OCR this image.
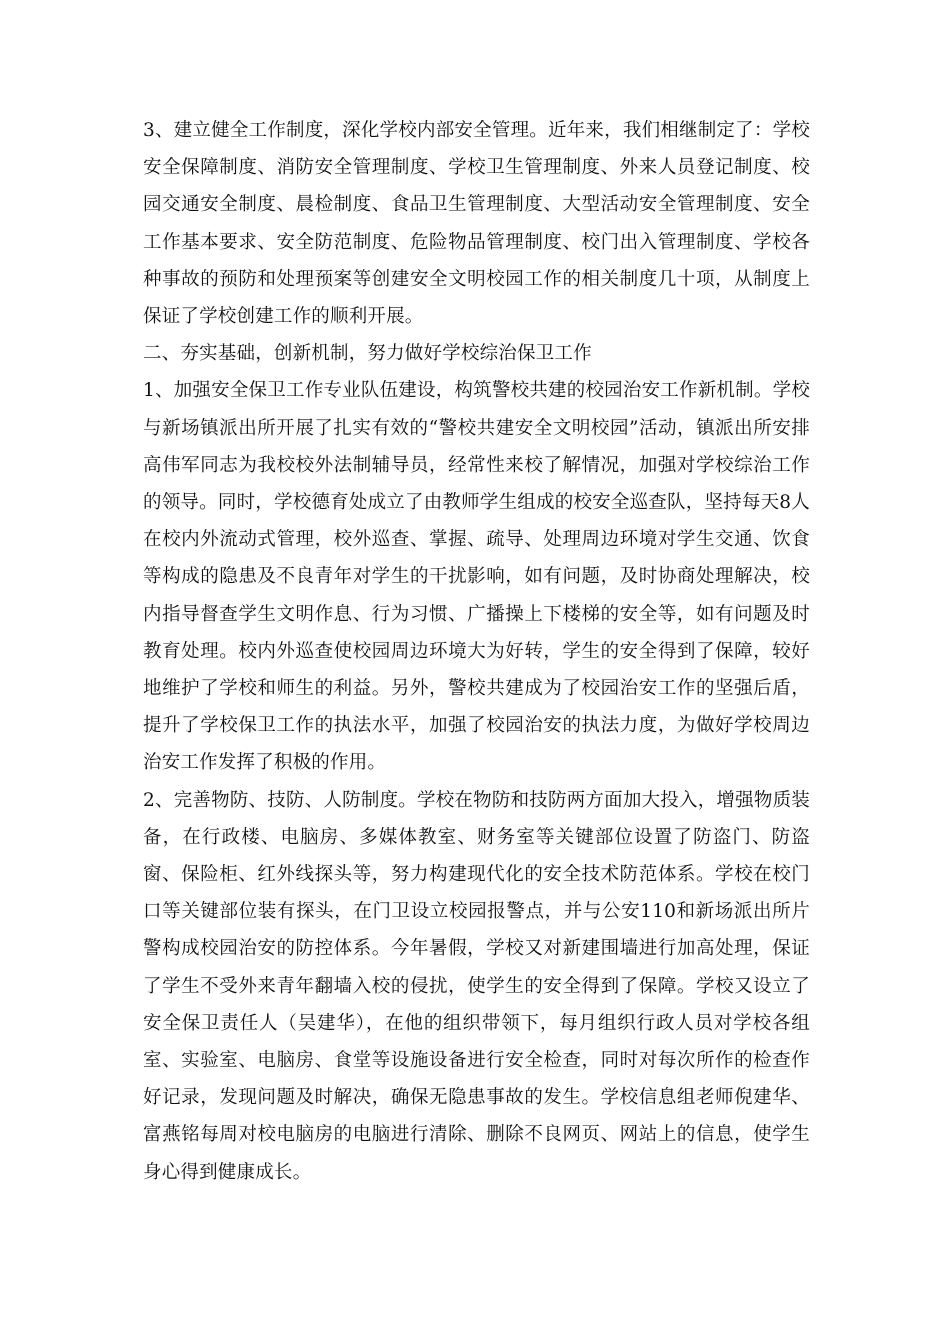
3、建立健全工作制度，深化学校内部安全管理。近年来，我们相继制定了：学校安全保障制度、消防安全管理制度、学校卫生管理制度、外来人员登记制度、校园交通安全制度、晨检制度、食品卫生管理制度、大型活动安全管理制度、安全工作基本要求、安全防范制度、危险物品管理制度、校门出入管理制度、学校各种事故的预防和处理预案等创建安全文明校园工作的相关制度几十项，从制度上保证了学校创建工作的顺利开展。

二、夯实基础，创新机制，努力做好学校综治保卫工作

1、加强安全保卫工作专业队伍建设，构筑警校共建的校园治安工作新机制。学校与新场镇派出所开展了扎实有效的“警校共建安全文明校园”活动，镇派出所安排高伟军同志为我校校外法制辅导员，经常性来校了解情况，加强对学校综治工作的领导。同时，学校德育处成立了由教师学生组成的校安全巡查队，坚持每天8人在校内外流动式管理，校外巡查、掌握、疏导、处理周边环境对学生交通、饮食等构成的隐患及不良青年对学生的干扰影响，如有问题，及时协商处理解决，校内指导督查学生文明作息、行为习惯、广播操上下楼梯的安全等，如有问题及时教育处理。校内外巡查使校园周边环境大为好转，学生的安全得到了保障，较好地维护了学校和师生的利益。另外，警校共建成为了校园治安工作的坚强后盾，提升了学校保卫工作的执法水平，加强了校园治安的执法力度，为做好学校周边治安工作发挥了积极的作用。

2、完善物防、技防、人防制度。学校在物防和技防两方面加大投入，增强物质装备，在行政楼、电脑房、多媒体教室、财务室等关键部位设置了防盗门、防盗窗、保险柜、红外线探头等，努力构建现代化的安全技术防范体系。学校在校门口等关键部位装有探头，在门卫设立校园报警点，并与公安110和新场派出所片警构成校园治安的防控体系。今年暑假，学校又对新建围墙进行加高处理，保证了学生不受外来青年翻墙入校的侵扰，使学生的安全得到了保障。学校又设立了安全保卫责任人（吴建华），在他的组织带领下，每月组织行政人员对学校各组室、实验室、电脑房、食堂等设施设备进行安全检查，同时对每次所作的检查作好记录，发现问题及时解决，确保无隐患事故的发生。学校信息组老师倪建华、富燕铭每周对校电脑房的电脑进行清除、删除不良网页、网站上的信息，使学生身心得到健康成长。
